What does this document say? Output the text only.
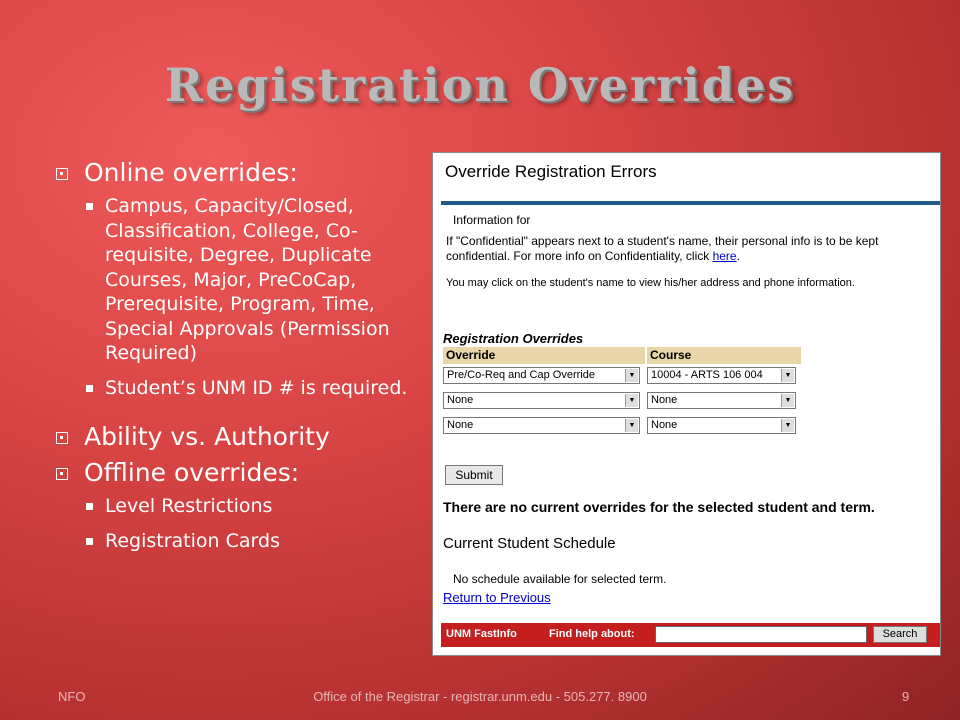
Registration Overrides
Online overrides:
Campus, Capacity/Closed, Classification, College, Co-requisite, Degree, Duplicate Courses, Major, PreCoCap, Prerequisite, Program, Time, Special Approvals (Permission Required)
Student’s UNM ID # is required.
Ability vs. Authority
Offline overrides:
Level Restrictions
Registration Cards
Override Registration Errors
Information for
If "Confidential" appears next to a student's name, their personal info is to be kept confidential. For more info on Confidentiality, click here.
You may click on the student's name to view his/her address and phone information.
Registration Overrides
Override	Course
Pre/Co-Req and Cap Override	▼	10004 - ARTS 106 004	▼
None	▼	None	▼
None	▼	None	▼
Submit
There are no current overrides for the selected student and term.
Current Student Schedule
No schedule available for selected term.
Return to Previous
UNM FastInfo	Find help about:	Search
NFO	Office of the Registrar - registrar.unm.edu - 505.277. 8900	9
